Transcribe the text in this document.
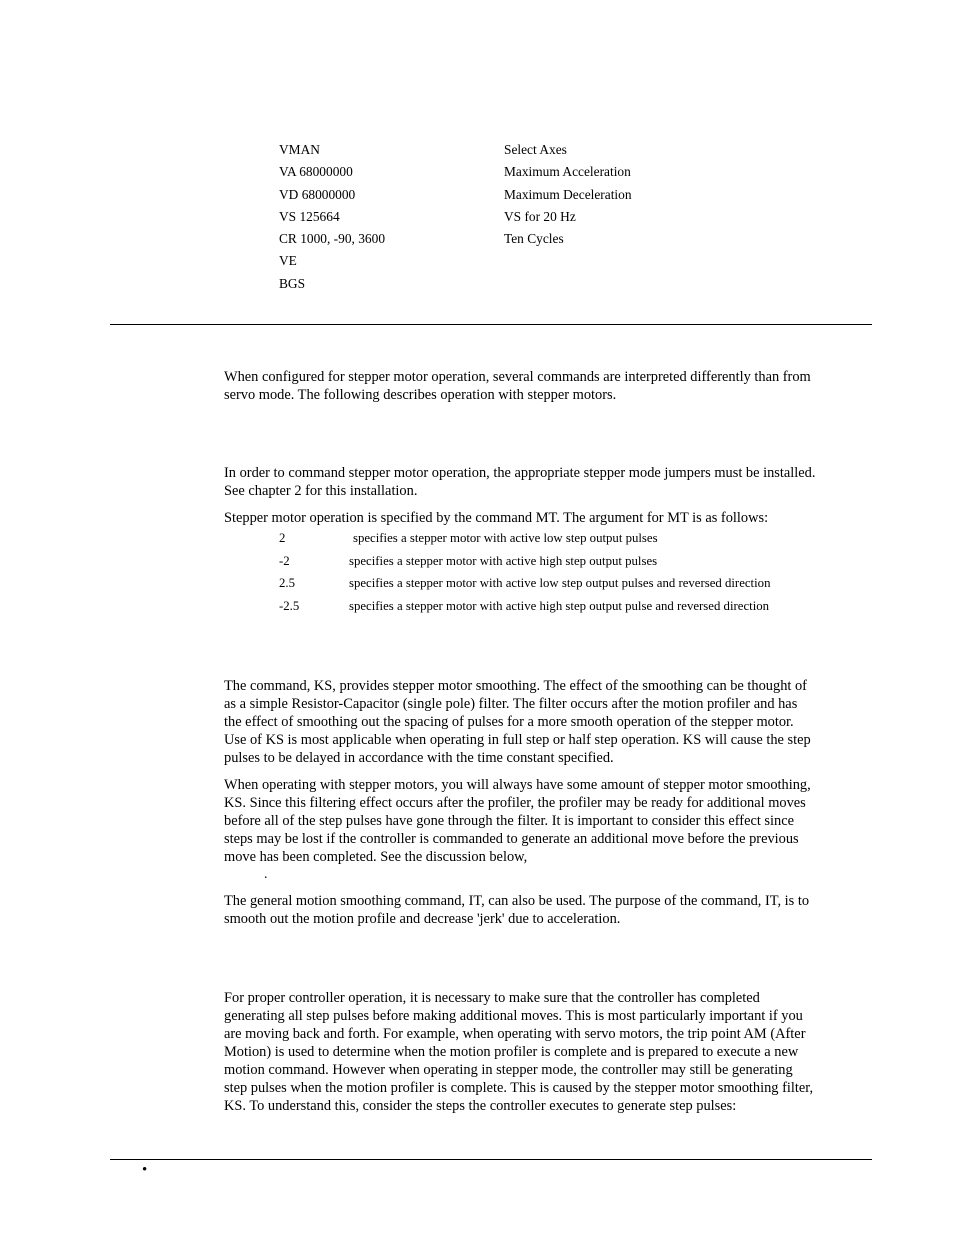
VMAN	Select Axes
VA 68000000	Maximum Acceleration
VD 68000000	Maximum Deceleration
VS 125664	VS for 20 Hz
CR 1000, -90, 3600	Ten Cycles
VE
BGS
When configured for stepper motor operation, several commands are interpreted differently than from
servo mode. The following describes operation with stepper motors.
In order to command stepper motor operation, the appropriate stepper mode jumpers must be installed.
See chapter 2 for this installation.
Stepper motor operation is specified by the command MT. The argument for MT is as follows:
2	specifies a stepper motor with active low step output pulses
-2	specifies a stepper motor with active high step output pulses
2.5	specifies a stepper motor with active low step output pulses and reversed direction
-2.5	specifies a stepper motor with active high step output pulse and reversed direction
The command, KS, provides stepper motor smoothing. The effect of the smoothing can be thought of
as a simple Resistor-Capacitor (single pole) filter. The filter occurs after the motion profiler and has
the effect of smoothing out the spacing of pulses for a more smooth operation of the stepper motor.
Use of KS is most applicable when operating in full step or half step operation. KS will cause the step
pulses to be delayed in accordance with the time constant specified.
When operating with stepper motors, you will always have some amount of stepper motor smoothing,
KS. Since this filtering effect occurs after the profiler, the profiler may be ready for additional moves
before all of the step pulses have gone through the filter. It is important to consider this effect since
steps may be lost if the controller is commanded to generate an additional move before the previous
move has been completed. See the discussion below,
.
The general motion smoothing command, IT, can also be used. The purpose of the command, IT, is to
smooth out the motion profile and decrease 'jerk' due to acceleration.
For proper controller operation, it is necessary to make sure that the controller has completed
generating all step pulses before making additional moves. This is most particularly important if you
are moving back and forth. For example, when operating with servo motors, the trip point AM (After
Motion) is used to determine when the motion profiler is complete and is prepared to execute a new
motion command. However when operating in stepper mode, the controller may still be generating
step pulses when the motion profiler is complete. This is caused by the stepper motor smoothing filter,
KS. To understand this, consider the steps the controller executes to generate step pulses:
•
